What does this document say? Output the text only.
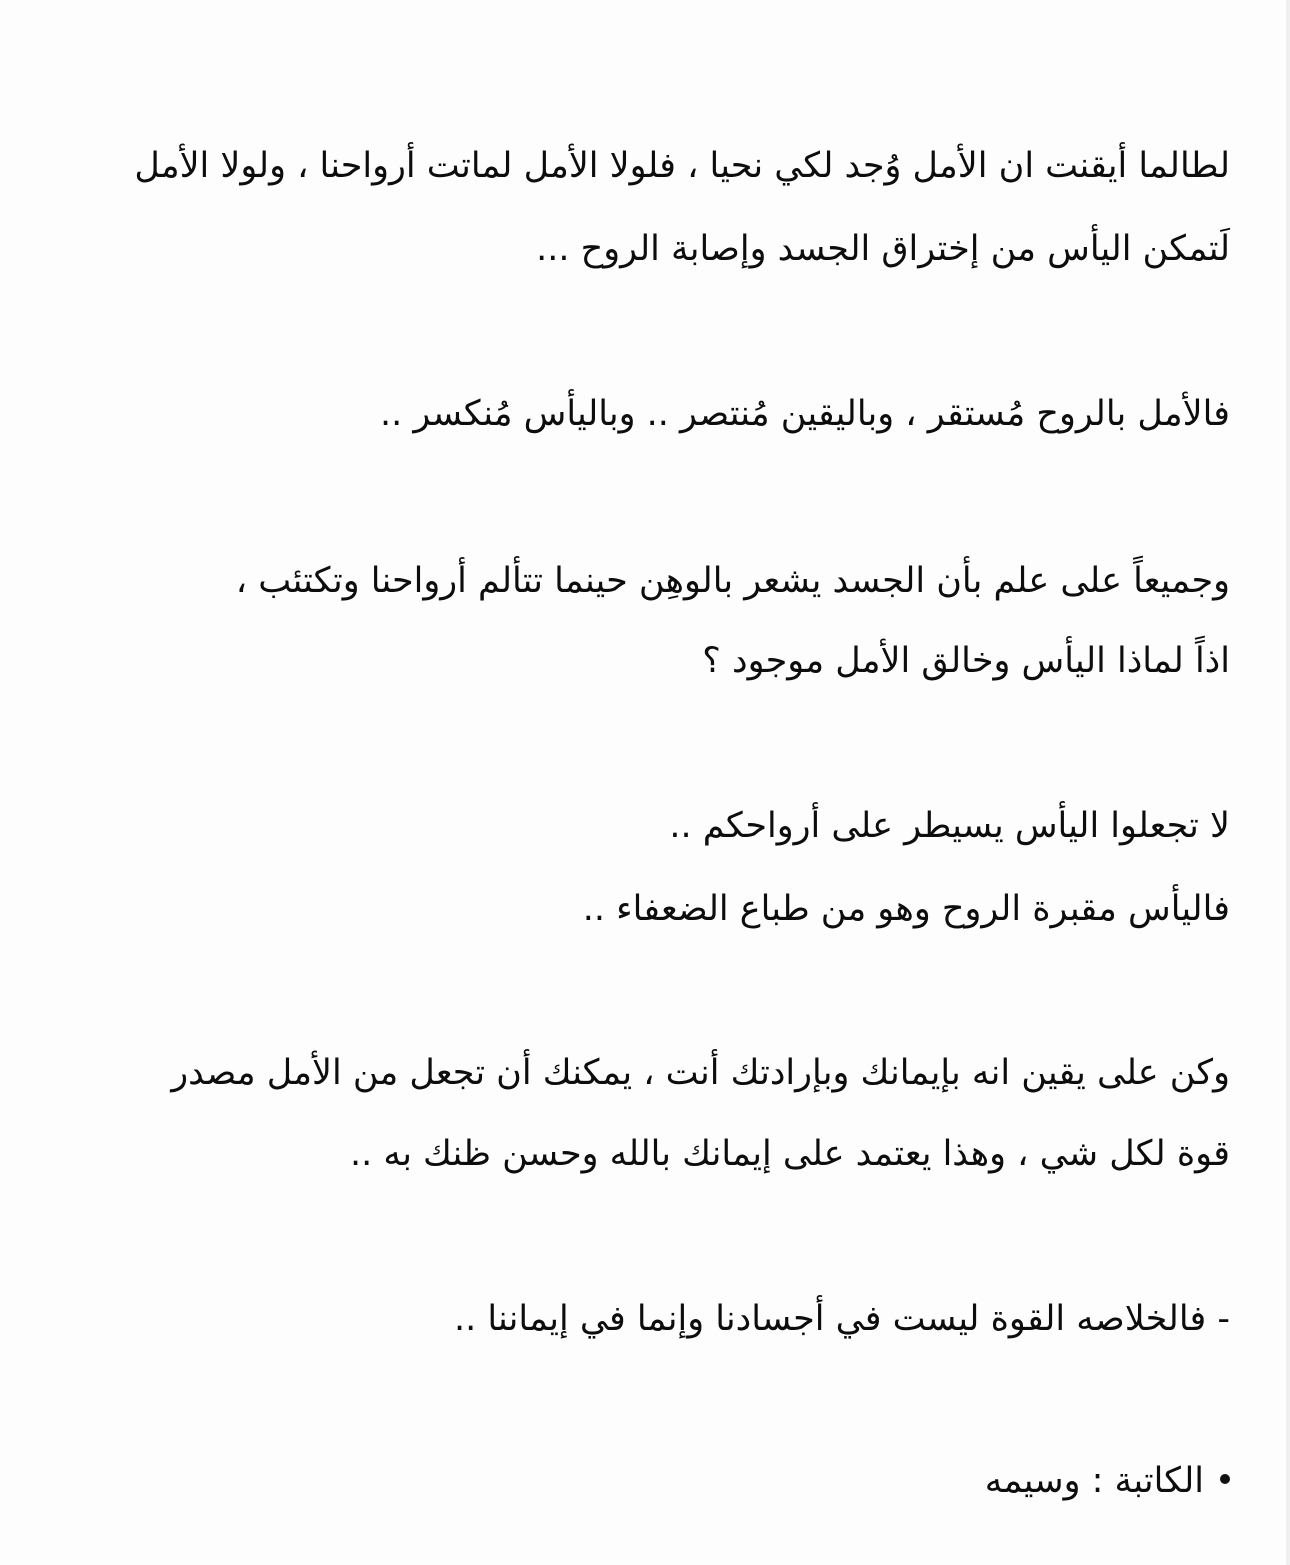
لطالما أيقنت ان الأمل وُجد لكي نحيا ، فلولا الأمل لماتت أرواحنا ، ولولا الأمل
لَتمكن اليأس من إختراق الجسد وإصابة الروح ...
فالأمل بالروح مُستقر ، وباليقين مُنتصر .. وباليأس مُنكسر ..
وجميعاً على علم بأن الجسد يشعر بالوهِن حينما تتألم أرواحنا وتكتئب ،
اذاً لماذا اليأس وخالق الأمل موجود ؟
لا تجعلوا اليأس يسيطر على أرواحكم ..
فاليأس مقبرة الروح وهو من طباع الضعفاء ..
وكن على يقين انه بإيمانك وبإرادتك أنت ، يمكنك أن تجعل من الأمل مصدر
قوة لكل شي ، وهذا يعتمد على إيمانك بالله وحسن ظنك به ..
- فالخلاصه القوة ليست في أجسادنا وإنما في إيماننا ..
الكاتبة : وسيمه
